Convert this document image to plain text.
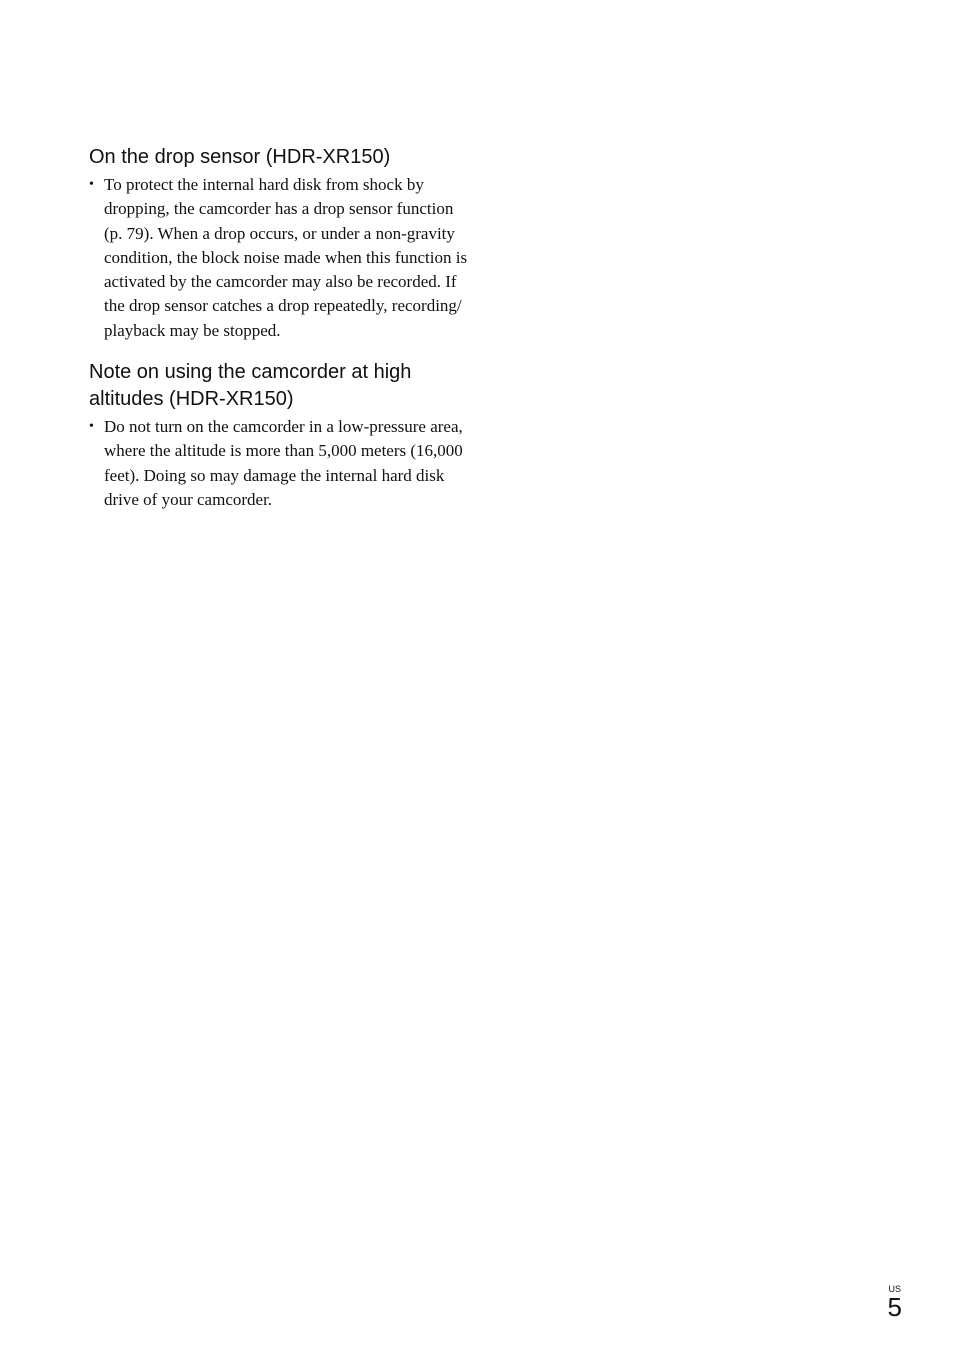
On the drop sensor (HDR-XR150)
• To protect the internal hard disk from shock by dropping, the camcorder has a drop sensor function (p. 79). When a drop occurs, or under a non-gravity condition, the block noise made when this function is activated by the camcorder may also be recorded. If the drop sensor catches a drop repeatedly, recording/ playback may be stopped.
Note on using the camcorder at high altitudes (HDR-XR150)
• Do not turn on the camcorder in a low-pressure area, where the altitude is more than 5,000 meters (16,000 feet). Doing so may damage the internal hard disk drive of your camcorder.
US
5
